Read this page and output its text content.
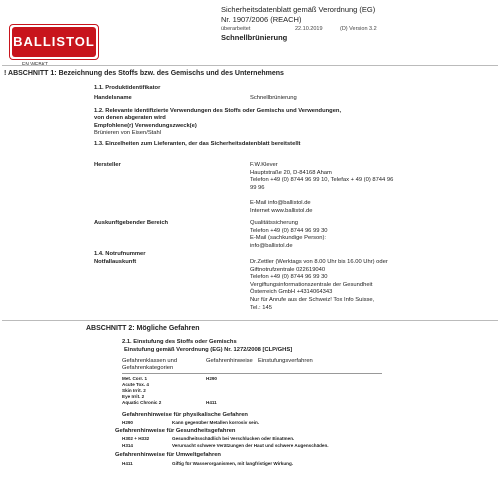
BALLISTOL
Sicherheitsdatenblatt gemäß Verordnung (EG)
Nr. 1907/2006 (REACH)
überarbeitet	22.10.2019	(D) Version 3.2
Schnellbrünierung
! ABSCHNITT 1: Bezeichnung des Stoffs bzw. des Gemischs und des Unternehmens
1.1. Produktidentifikator
Handelsname	Schnellbrünierung
1.2. Relevante identifizierte Verwendungen des Stoffs oder Gemischs und Verwendungen,
von denen abgeraten wird
Empfohlene(r) Verwendungszweck(e)
Brünieren von Eisen/Stahl
1.3. Einzelheiten zum Lieferanten, der das Sicherheitsdatenblatt bereitstellt
Hersteller	F.W.Klever
Hauptstraße 20, D-84168 Aham
Telefon +49 (0) 8744 96 99 10, Telefax + 49 (0) 8744 96
99 96
E-Mail info@ballistol.de
Internet www.ballistol.de
Auskunftgebender Bereich	Qualitätssicherung
Telefon +49 (0) 8744 96 99 30
E-Mail (sachkundige Person):
info@ballistol.de
1.4. Notrufnummer
Notfallauskunft	Dr.Zettler (Werktags von 8.00 Uhr bis 16.00 Uhr) oder
Giftnotrufzentrale 022619040
Telefon +49 (0) 8744 96 99 30
Vergiftungsinformationszentrale der Gesundheit
Österreich GmbH +4314064343
Nur für Anrufe aus der Schweiz! Tox Info Suisse,
Tel.: 145
ABSCHNITT 2: Mögliche Gefahren
2.1. Einstufung des Stoffs oder Gemischs
Einstufung gemäß Verordnung (EG) Nr. 1272/2008 [CLP/GHS]
Gefahrenklassen und
Gefahrenkategorien
Gefahrenhinweise Einstufungsverfahren
Met. Corr. 1	H290
Acute Tox. 4
Skin Irrit. 2
Eye Irrit. 2
Aquatic Chronic 2	H411
Gefahrenhinweise für physikalische Gefahren
H290	Kann gegenüber Metallen korrosiv sein.
Gefahrenhinweise für Gesundheitsgefahren
H302 + H332	Gesundheitsschädlich bei Verschlucken oder Einatmen.
H314	Verursacht schwere Verätzungen der Haut und schwere Augenschäden.
Gefahrenhinweise für Umweltgefahren
H411	Giftig für Wasserorganismen, mit langfristiger Wirkung.
